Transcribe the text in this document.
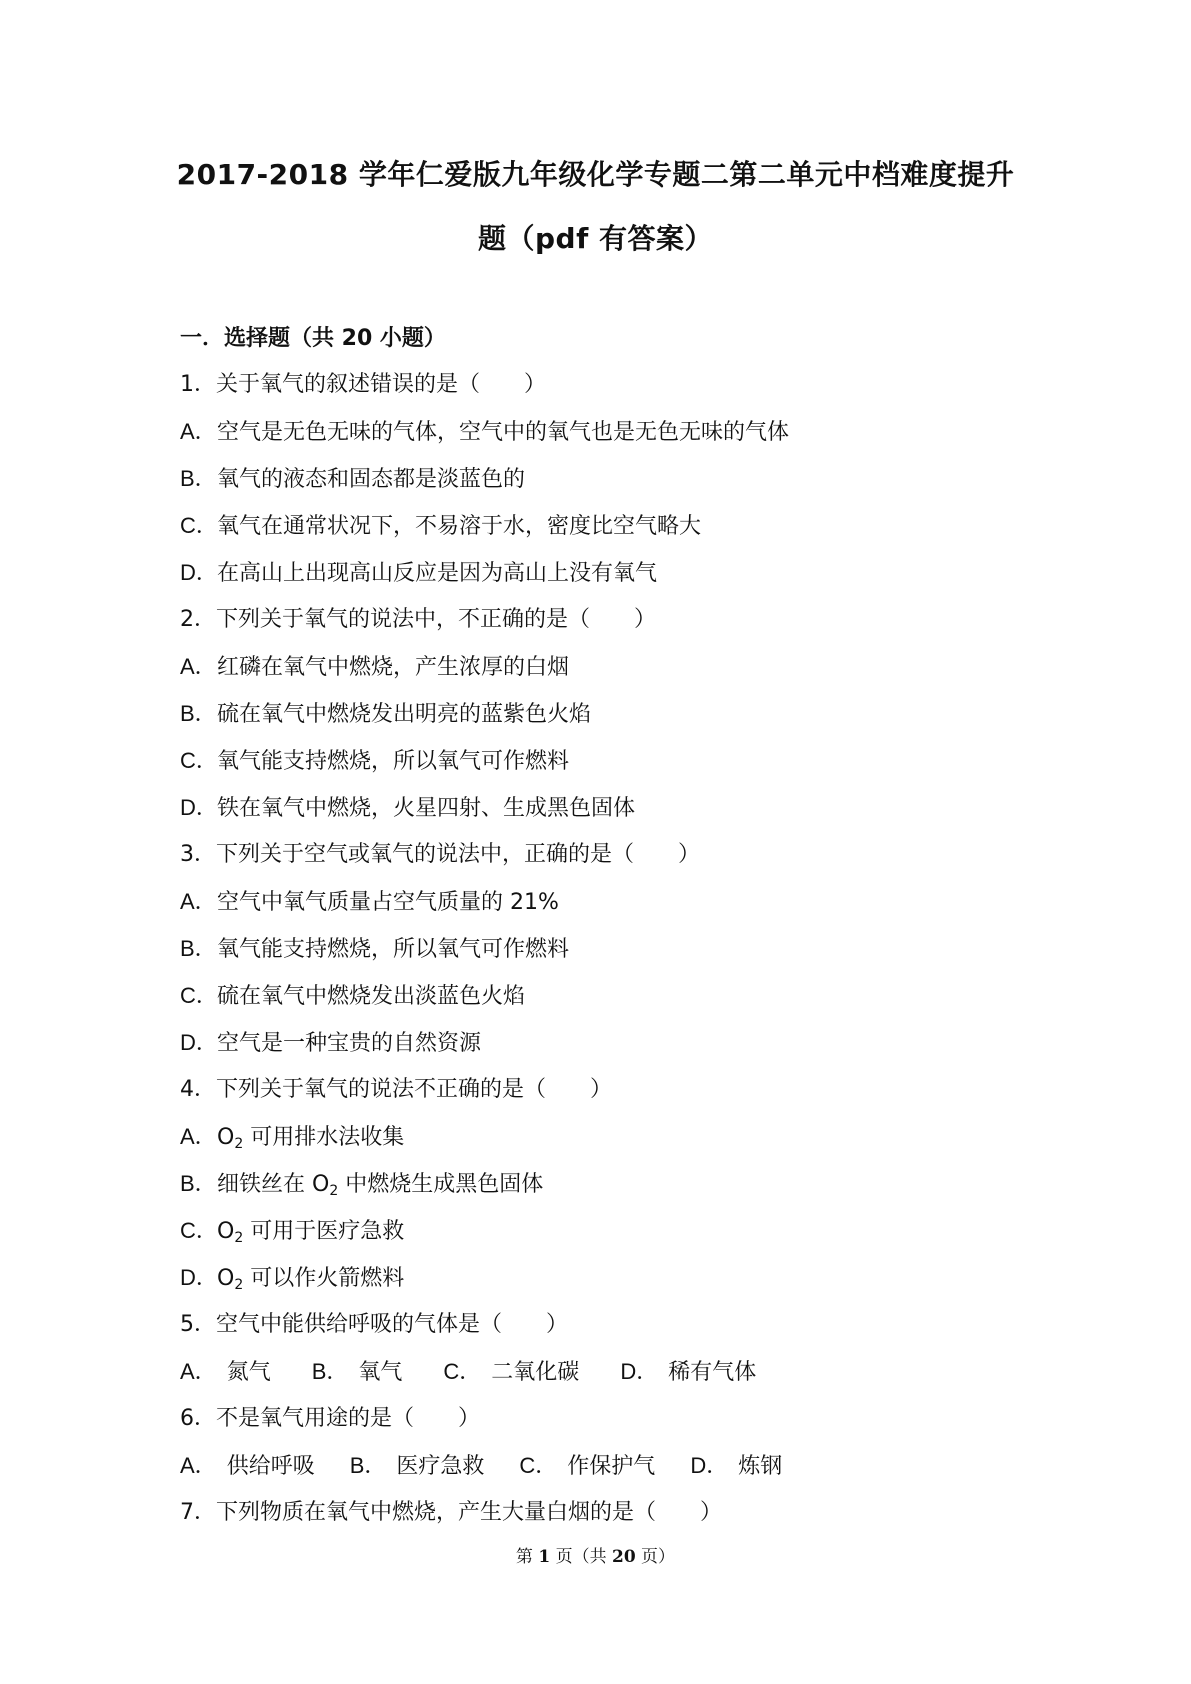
2017-2018 学年仁爱版九年级化学专题二第二单元中档难度提升
题（pdf 有答案）
一．选择题（共 20 小题）
1．关于氧气的叙述错误的是（　　）
A．空气是无色无味的气体，空气中的氧气也是无色无味的气体
B．氧气的液态和固态都是淡蓝色的
C．氧气在通常状况下，不易溶于水，密度比空气略大
D．在高山上出现高山反应是因为高山上没有氧气
2．下列关于氧气的说法中，不正确的是（　　）
A．红磷在氧气中燃烧，产生浓厚的白烟
B．硫在氧气中燃烧发出明亮的蓝紫色火焰
C．氧气能支持燃烧，所以氧气可作燃料
D．铁在氧气中燃烧，火星四射、生成黑色固体
3．下列关于空气或氧气的说法中，正确的是（　　）
A．空气中氧气质量占空气质量的 21%
B．氧气能支持燃烧，所以氧气可作燃料
C．硫在氧气中燃烧发出淡蓝色火焰
D．空气是一种宝贵的自然资源
4．下列关于氧气的说法不正确的是（　　）
A．$O_2$ 可用排水法收集
B．细铁丝在 $O_2$ 中燃烧生成黑色固体
C．$O_2$ 可用于医疗急救
D．$O_2$ 可以作火箭燃料
5．空气中能供给呼吸的气体是（　　）
A． 氮气 B． 氧气 C． 二氧化碳 D． 稀有气体
6．不是氧气用途的是（　　）
A． 供给呼吸 B． 医疗急救 C． 作保护气 D． 炼钢
7．下列物质在氧气中燃烧，产生大量白烟的是（　　）
第 1 页（共 20 页）
